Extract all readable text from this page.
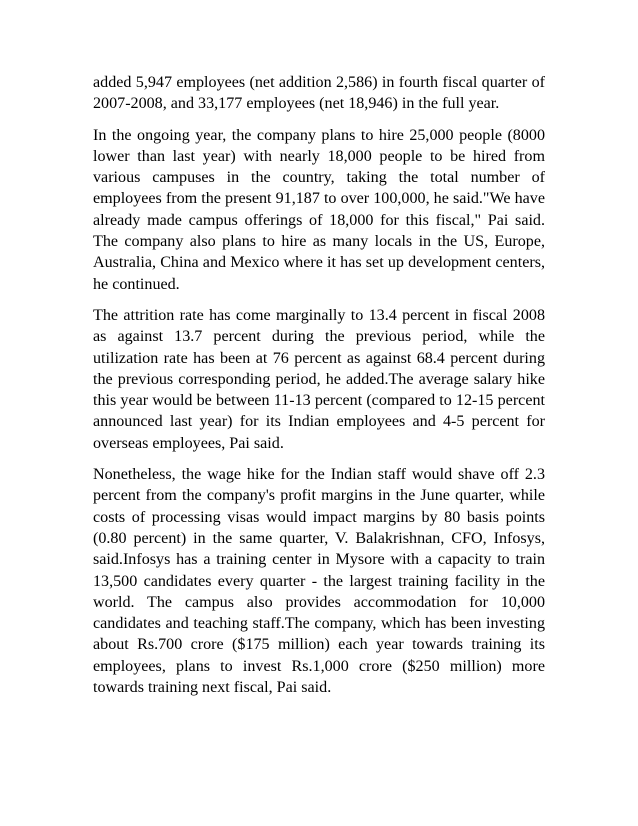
added 5,947 employees (net addition 2,586) in fourth fiscal quarter of 2007-2008, and 33,177 employees (net 18,946) in the full year.

In the ongoing year, the company plans to hire 25,000 people (8000 lower than last year) with nearly 18,000 people to be hired from various campuses in the country, taking the total number of employees from the present 91,187 to over 100,000, he said."We have already made campus offerings of 18,000 for this fiscal," Pai said. The company also plans to hire as many locals in the US, Europe, Australia, China and Mexico where it has set up development centers, he continued.

The attrition rate has come marginally to 13.4 percent in fiscal 2008 as against 13.7 percent during the previous period, while the utilization rate has been at 76 percent as against 68.4 percent during the previous corresponding period, he added.The average salary hike this year would be between 11-13 percent (compared to 12-15 percent announced last year) for its Indian employees and 4-5 percent for overseas employees, Pai said.

Nonetheless, the wage hike for the Indian staff would shave off 2.3 percent from the company's profit margins in the June quarter, while costs of processing visas would impact margins by 80 basis points (0.80 percent) in the same quarter, V. Balakrishnan, CFO, Infosys, said.Infosys has a training center in Mysore with a capacity to train 13,500 candidates every quarter - the largest training facility in the world. The campus also provides accommodation for 10,000 candidates and teaching staff.The company, which has been investing about Rs.700 crore ($175 million) each year towards training its employees, plans to invest Rs.1,000 crore ($250 million) more towards training next fiscal, Pai said.
